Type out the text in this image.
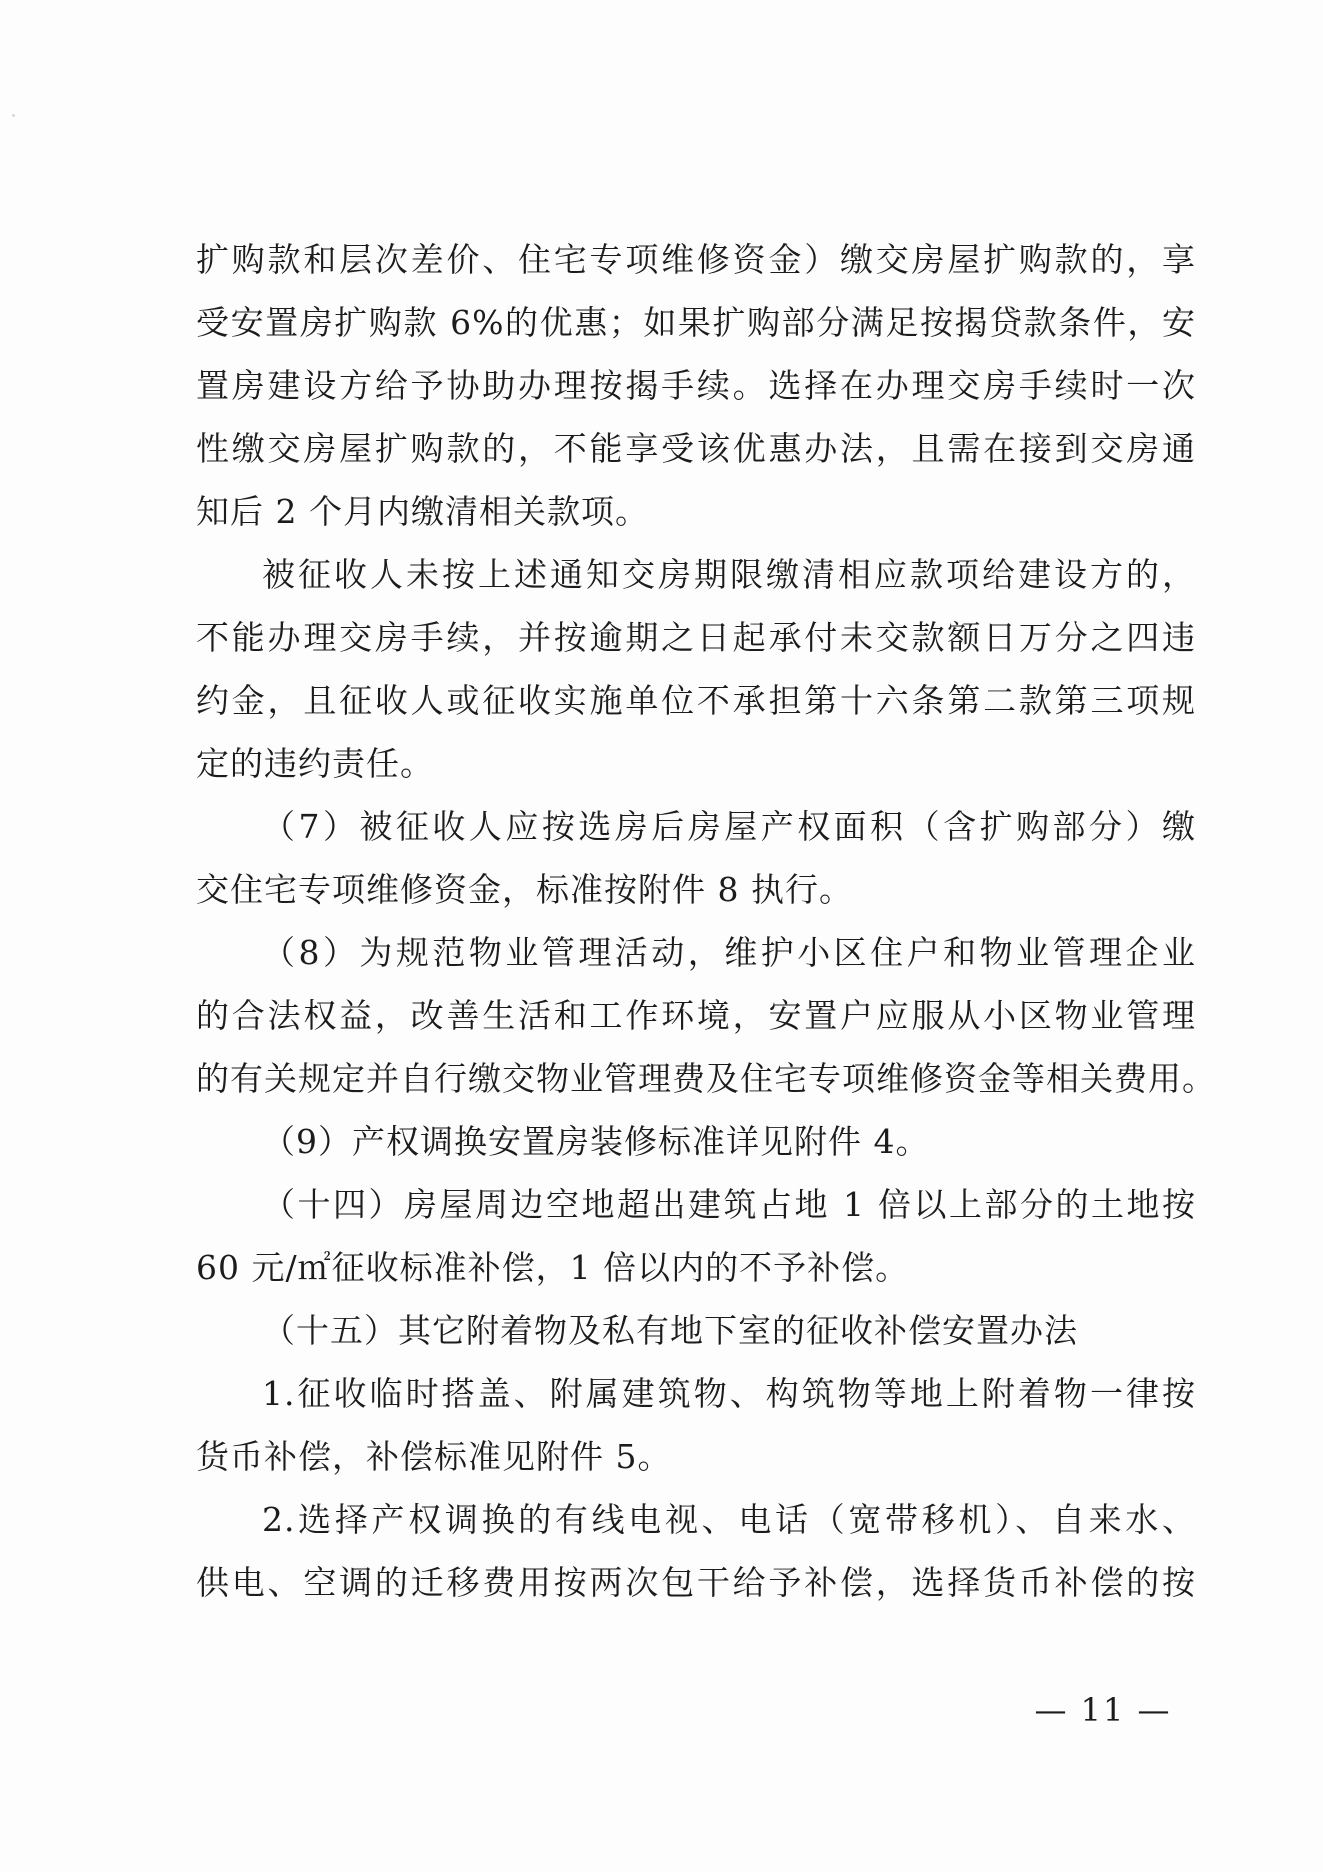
扩购款和层次差价、住宅专项维修资金）缴交房屋扩购款的，享
受安置房扩购款 6%的优惠；如果扩购部分满足按揭贷款条件，安
置房建设方给予协助办理按揭手续。选择在办理交房手续时一次
性缴交房屋扩购款的，不能享受该优惠办法，且需在接到交房通
知后 2 个月内缴清相关款项。
被征收人未按上述通知交房期限缴清相应款项给建设方的，
不能办理交房手续，并按逾期之日起承付未交款额日万分之四违
约金，且征收人或征收实施单位不承担第十六条第二款第三项规
定的违约责任。
（7）被征收人应按选房后房屋产权面积（含扩购部分）缴
交住宅专项维修资金，标准按附件 8 执行。
（8）为规范物业管理活动，维护小区住户和物业管理企业
的合法权益，改善生活和工作环境，安置户应服从小区物业管理
的有关规定并自行缴交物业管理费及住宅专项维修资金等相关费用。
（9）产权调换安置房装修标准详见附件 4。
（十四）房屋周边空地超出建筑占地 1 倍以上部分的土地按
60 元/㎡征收标准补偿，1 倍以内的不予补偿。
（十五）其它附着物及私有地下室的征收补偿安置办法
1.征收临时搭盖、附属建筑物、构筑物等地上附着物一律按
货币补偿，补偿标准见附件 5。
2.选择产权调换的有线电视、电话（宽带移机）、自来水、
供电、空调的迁移费用按两次包干给予补偿，选择货币补偿的按
— 11 —
